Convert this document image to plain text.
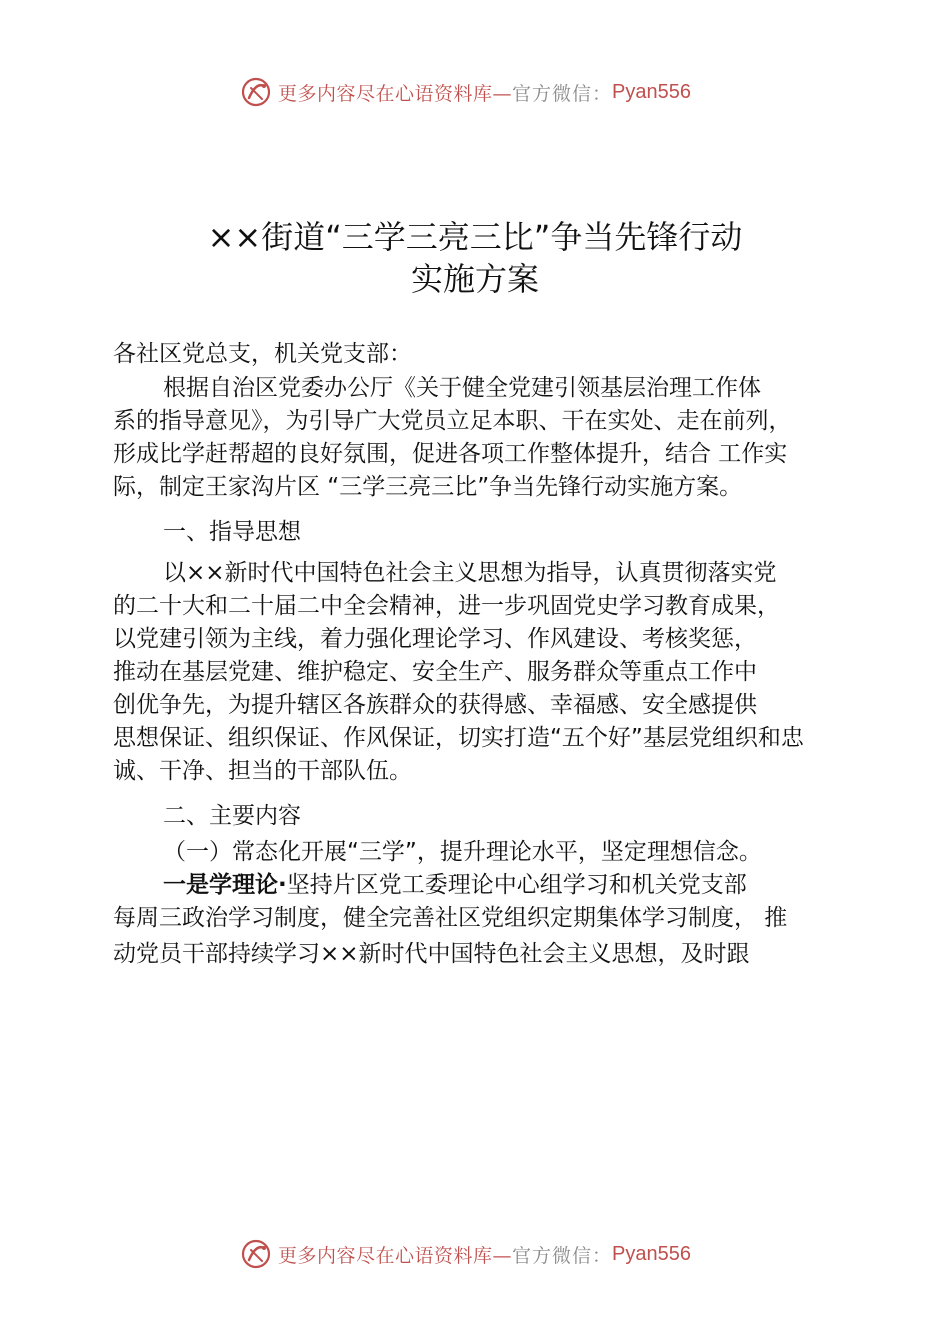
更多内容尽在心语资料库— 官方微信： Pyan556
××街道“三学三亮三比”争当先锋行动
实施方案
各社区党总支，机关党支部：
根据自治区党委办公厅《关于健全党建引领基层治理工作体
系的指导意见》，为引导广大党员立足本职、干在实处、走在前列，
形成比学赶帮超的良好氛围，促进各项工作整体提升，结合 工作实
际，制定王家沟片区 “三学三亮三比”争当先锋行动实施方案。
一、指导思想
以××新时代中国特色社会主义思想为指导，认真贯彻落实党
的二十大和二十届二中全会精神，进一步巩固党史学习教育成果，
以党建引领为主线，着力强化理论学习、作风建设、考核奖惩，
推动在基层党建、维护稳定、安全生产、服务群众等重点工作中
创优争先，为提升辖区各族群众的获得感、幸福感、安全感提供
思想保证、组织保证、作风保证，切实打造“五个好”基层党组织和忠
诚、干净、担当的干部队伍。
二、主要内容
（一）常态化开展“三学”，提升理论水平，坚定理想信念。
一是学理论·坚持片区党工委理论中心组学习和机关党支部
每周三政治学习制度，健全完善社区党组织定期集体学习制度， 推
动党员干部持续学习××新时代中国特色社会主义思想，及时跟
更多内容尽在心语资料库— 官方微信： Pyan556
